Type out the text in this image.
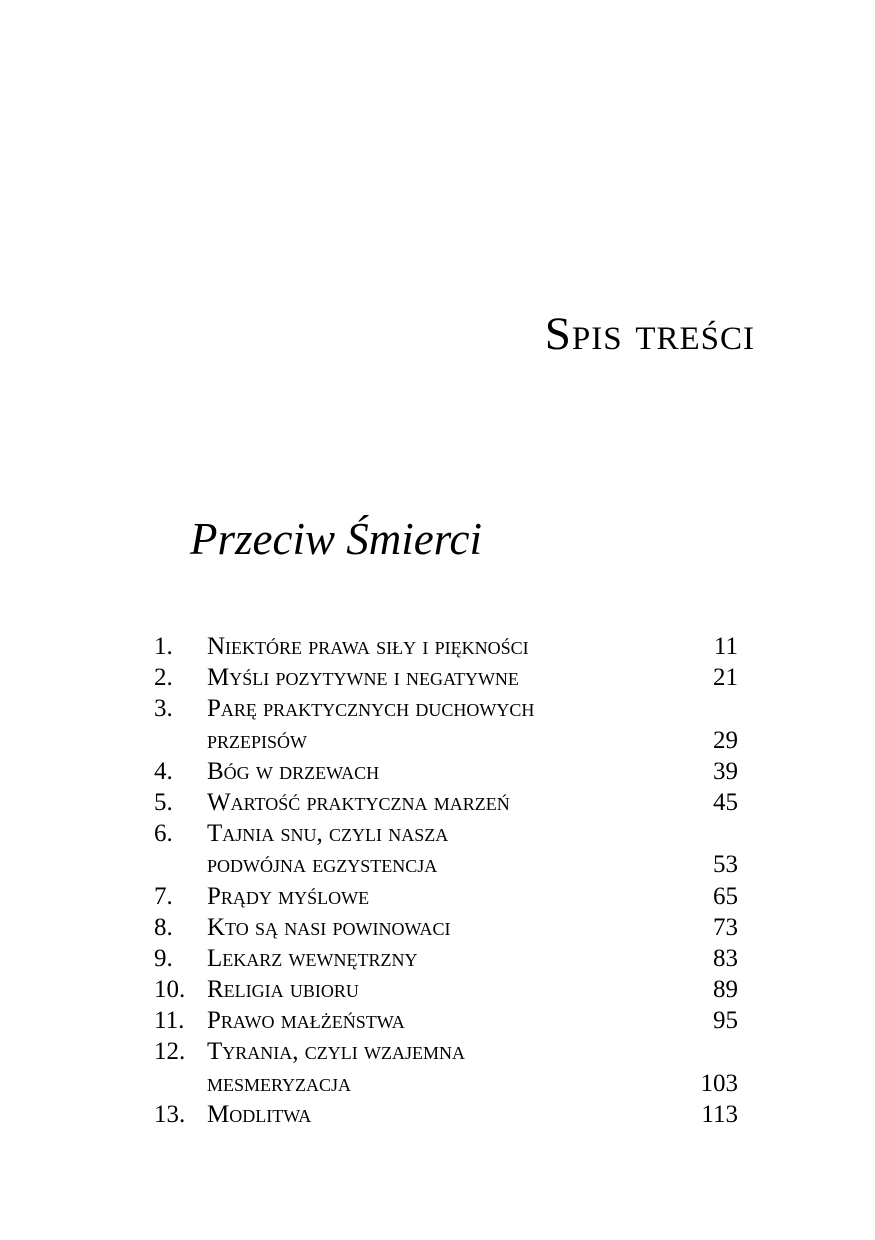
Spis treści
Przeciw Śmierci
1. Niektóre prawa siły i piękności	11
2. Myśli pozytywne i negatywne	21
3. Parę praktycznych duchowych
przepisów	29
4. Bóg w drzewach	39
5. Wartość praktyczna marzeń	45
6. Tajnia snu, czyli nasza
podwójna egzystencja	53
7. Prądy myślowe	65
8. Kto są nasi powinowaci	73
9. Lekarz wewnętrzny	83
10. Religia ubioru	89
11. Prawo małżeństwa	95
12. Tyrania, czyli wzajemna
mesmeryzacja	103
13. Modlitwa	113
